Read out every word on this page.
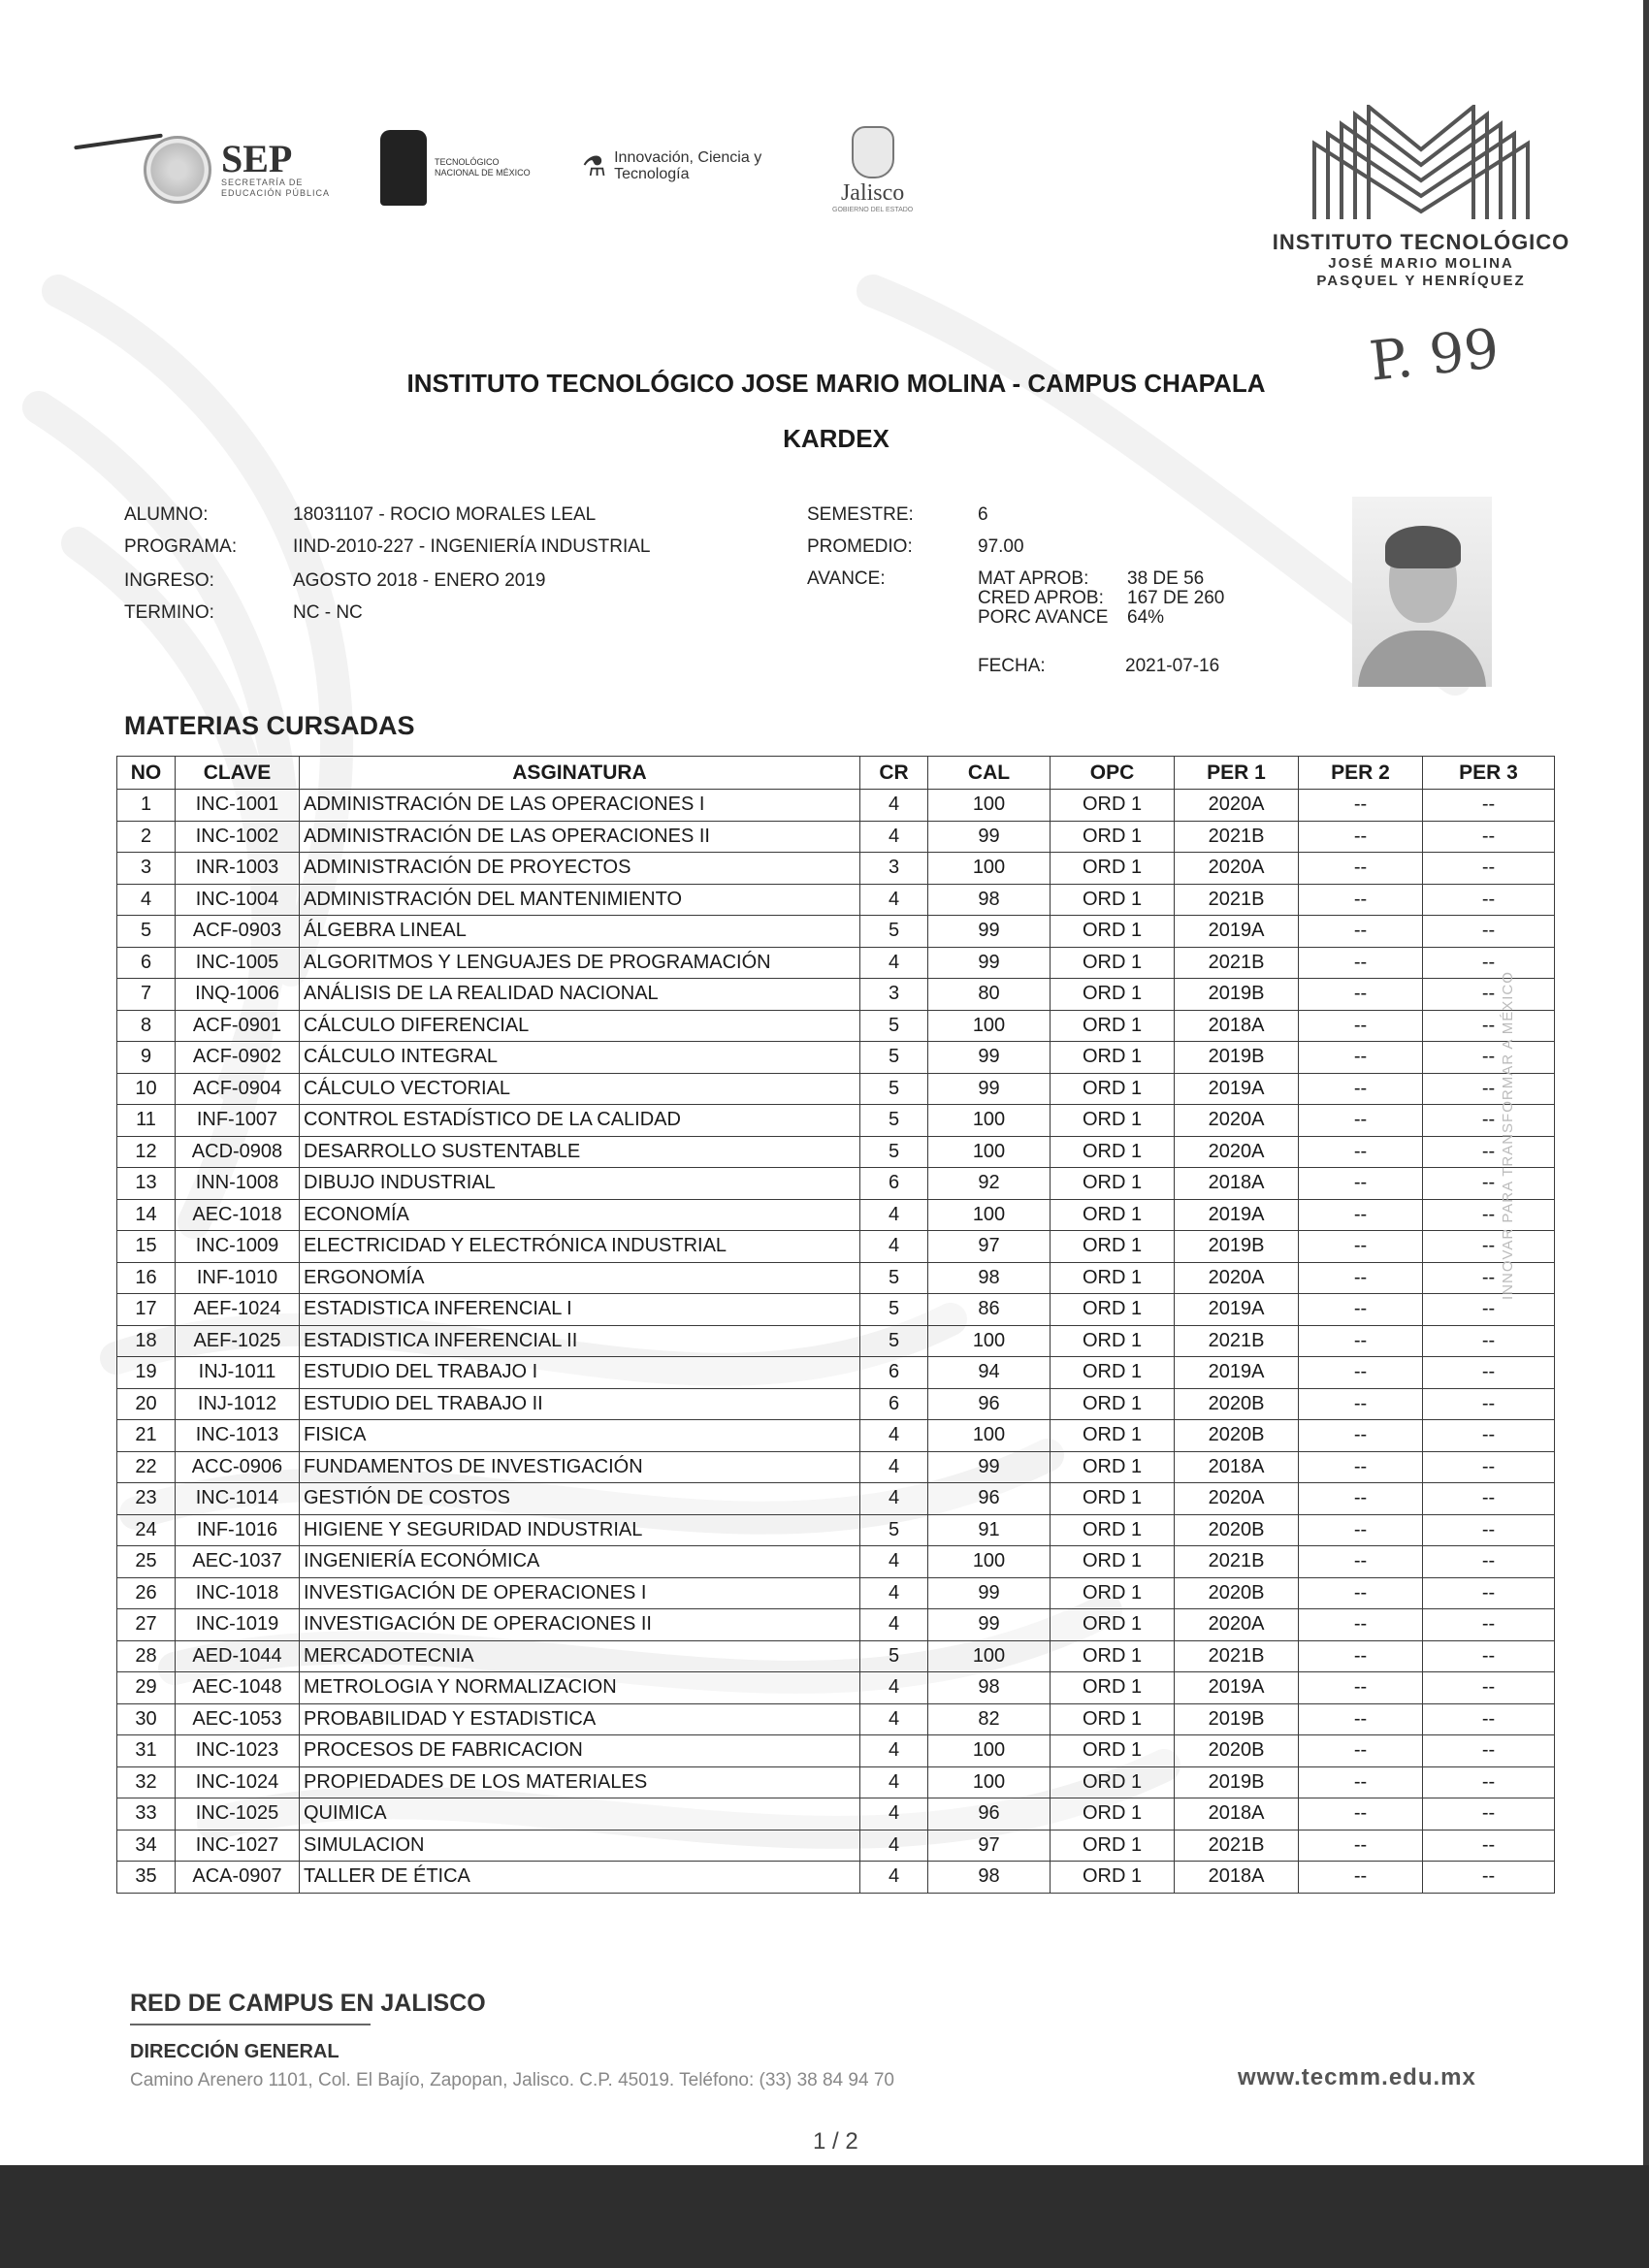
SEP
SECRETARÍA DE EDUCACIÓN PÚBLICA
TECNOLÓGICO NACIONAL DE MÉXICO	⚗ Innovación, Ciencia y Tecnología
Jalisco
GOBIERNO DEL ESTADO
INSTITUTO TECNOLÓGICO
JOSÉ MARIO MOLINA
PASQUEL Y HENRÍQUEZ
P. 99
INSTITUTO TECNOLÓGICO JOSE MARIO MOLINA - CAMPUS CHAPALA
KARDEX
ALUMNO:	18031107 - ROCIO MORALES LEAL
PROGRAMA:	IIND-2010-227 - INGENIERÍA INDUSTRIAL
INGRESO:	AGOSTO 2018 - ENERO 2019
TERMINO:	NC - NC
SEMESTRE:	6
PROMEDIO:	97.00
AVANCE:	MAT APROB: 38 DE 56
CRED APROB: 167 DE 260
PORC AVANCE 64%
FECHA:	2021-07-16
MATERIAS CURSADAS
NO	CLAVE	ASGINATURA	CR	CAL	OPC	PER 1	PER 2	PER 3
1	INC-1001	ADMINISTRACIÓN DE LAS OPERACIONES I	4	100	ORD 1	2020A	--	--
2	INC-1002	ADMINISTRACIÓN DE LAS OPERACIONES II	4	99	ORD 1	2021B	--	--
3	INR-1003	ADMINISTRACIÓN DE PROYECTOS	3	100	ORD 1	2020A	--	--
4	INC-1004	ADMINISTRACIÓN DEL MANTENIMIENTO	4	98	ORD 1	2021B	--	--
5	ACF-0903	ÁLGEBRA LINEAL	5	99	ORD 1	2019A	--	--
6	INC-1005	ALGORITMOS Y LENGUAJES DE PROGRAMACIÓN	4	99	ORD 1	2021B	--	--
7	INQ-1006	ANÁLISIS DE LA REALIDAD NACIONAL	3	80	ORD 1	2019B	--	--
8	ACF-0901	CÁLCULO DIFERENCIAL	5	100	ORD 1	2018A	--	--
9	ACF-0902	CÁLCULO INTEGRAL	5	99	ORD 1	2019B	--	--
10	ACF-0904	CÁLCULO VECTORIAL	5	99	ORD 1	2019A	--	--
11	INF-1007	CONTROL ESTADÍSTICO DE LA CALIDAD	5	100	ORD 1	2020A	--	--
12	ACD-0908	DESARROLLO SUSTENTABLE	5	100	ORD 1	2020A	--	--
13	INN-1008	DIBUJO INDUSTRIAL	6	92	ORD 1	2018A	--	--
14	AEC-1018	ECONOMÍA	4	100	ORD 1	2019A	--	--
15	INC-1009	ELECTRICIDAD Y ELECTRÓNICA INDUSTRIAL	4	97	ORD 1	2019B	--	--
16	INF-1010	ERGONOMÍA	5	98	ORD 1	2020A	--	--
17	AEF-1024	ESTADISTICA INFERENCIAL I	5	86	ORD 1	2019A	--	--
18	AEF-1025	ESTADISTICA INFERENCIAL II	5	100	ORD 1	2021B	--	--
19	INJ-1011	ESTUDIO DEL TRABAJO I	6	94	ORD 1	2019A	--	--
20	INJ-1012	ESTUDIO DEL TRABAJO II	6	96	ORD 1	2020B	--	--
21	INC-1013	FISICA	4	100	ORD 1	2020B	--	--
22	ACC-0906	FUNDAMENTOS DE INVESTIGACIÓN	4	99	ORD 1	2018A	--	--
23	INC-1014	GESTIÓN DE COSTOS	4	96	ORD 1	2020A	--	--
24	INF-1016	HIGIENE Y SEGURIDAD INDUSTRIAL	5	91	ORD 1	2020B	--	--
25	AEC-1037	INGENIERÍA ECONÓMICA	4	100	ORD 1	2021B	--	--
26	INC-1018	INVESTIGACIÓN DE OPERACIONES I	4	99	ORD 1	2020B	--	--
27	INC-1019	INVESTIGACIÓN DE OPERACIONES II	4	99	ORD 1	2020A	--	--
28	AED-1044	MERCADOTECNIA	5	100	ORD 1	2021B	--	--
29	AEC-1048	METROLOGIA Y NORMALIZACION	4	98	ORD 1	2019A	--	--
30	AEC-1053	PROBABILIDAD Y ESTADISTICA	4	82	ORD 1	2019B	--	--
31	INC-1023	PROCESOS DE FABRICACION	4	100	ORD 1	2020B	--	--
32	INC-1024	PROPIEDADES DE LOS MATERIALES	4	100	ORD 1	2019B	--	--
33	INC-1025	QUIMICA	4	96	ORD 1	2018A	--	--
34	INC-1027	SIMULACION	4	97	ORD 1	2021B	--	--
35	ACA-0907	TALLER DE ÉTICA	4	98	ORD 1	2018A	--	--
INNOVAR PARA TRANSFORMAR A MÉXICO
RED DE CAMPUS EN JALISCO
DIRECCIÓN GENERAL
Camino Arenero 1101, Col. El Bajío, Zapopan, Jalisco. C.P. 45019. Teléfono: (33) 38 84 94 70	www.tecmm.edu.mx
1 / 2
